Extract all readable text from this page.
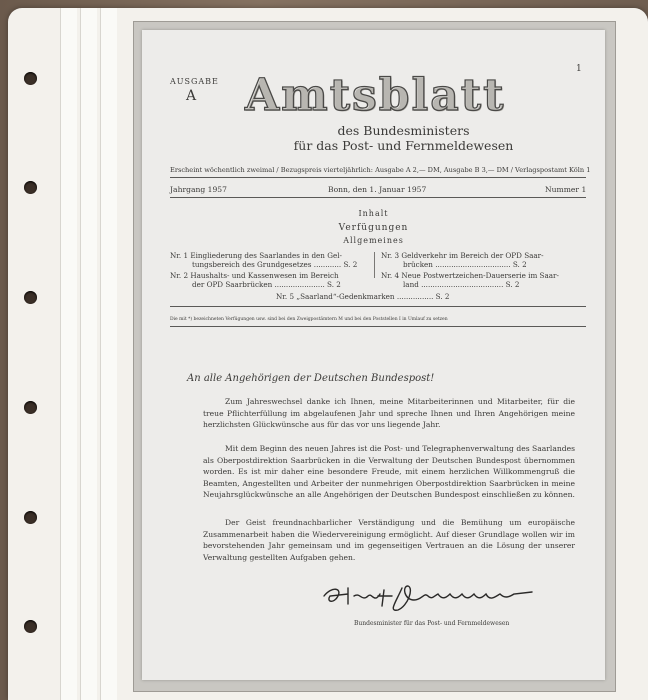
1
AUSGABE
A Amtsblatt
des Bundesministers
für das Post- und Fernmeldewesen
Erscheint wöchentlich zweimal / Bezugspreis vierteljährlich: Ausgabe A 2,— DM, Ausgabe B 3,— DM / Verlagspostamt Köln 1
Jahrgang 1957	Bonn, den 1. Januar 1957	Nummer 1
Inhalt
Verfügungen
Allgemeines
Nr. 1 Eingliederung des Saarlandes in den Gel-
tungsbereich des Grundgesetzes ............ S. 2
Nr. 2 Haushalts- und Kassenwesen im Bereich
der OPD Saarbrücken ...................... S. 2
Nr. 3 Geldverkehr im Bereich der OPD Saar-
brücken ................................. S. 2
Nr. 4 Neue Postwertzeichen-Dauerserie im Saar-
land .................................... S. 2
Nr. 5 „Saarland“-Gedenkmarken ................ S. 2
Die mit *) bezeichneten Verfügungen usw. sind bei den Zweigpostämtern M und bei den Poststellen I in Umlauf zu setzen
An alle Angehörigen der Deutschen Bundespost!
Zum Jahreswechsel danke ich Ihnen, meine Mitarbeiterinnen und Mitarbeiter, für die treue Pflichterfüllung im abgelaufenen Jahr und spreche Ihnen und Ihren Angehörigen meine herzlichsten Glückwünsche aus für das vor uns liegende Jahr.
Mit dem Beginn des neuen Jahres ist die Post- und Telegraphenverwaltung des Saarlandes als Oberpostdirektion Saarbrücken in die Verwaltung der Deutschen Bundespost übernommen worden. Es ist mir daher eine besondere Freude, mit einem herzlichen Willkommengruß die Beamten, Angestellten und Arbeiter der nunmehrigen Oberpostdirektion Saarbrücken in meine Neujahrsglückwünsche an alle Angehörigen der Deutschen Bundespost einschließen zu können.
Der Geist freundnachbarlicher Verständigung und die Bemühung um europäische Zusammenarbeit haben die Wiedervereinigung ermöglicht. Auf dieser Grundlage wollen wir im bevorstehenden Jahr gemeinsam und im gegenseitigen Vertrauen an die Lösung der unserer Verwaltung gestellten Aufgaben gehen.
Bundesminister für das Post- und Fernmeldewesen
